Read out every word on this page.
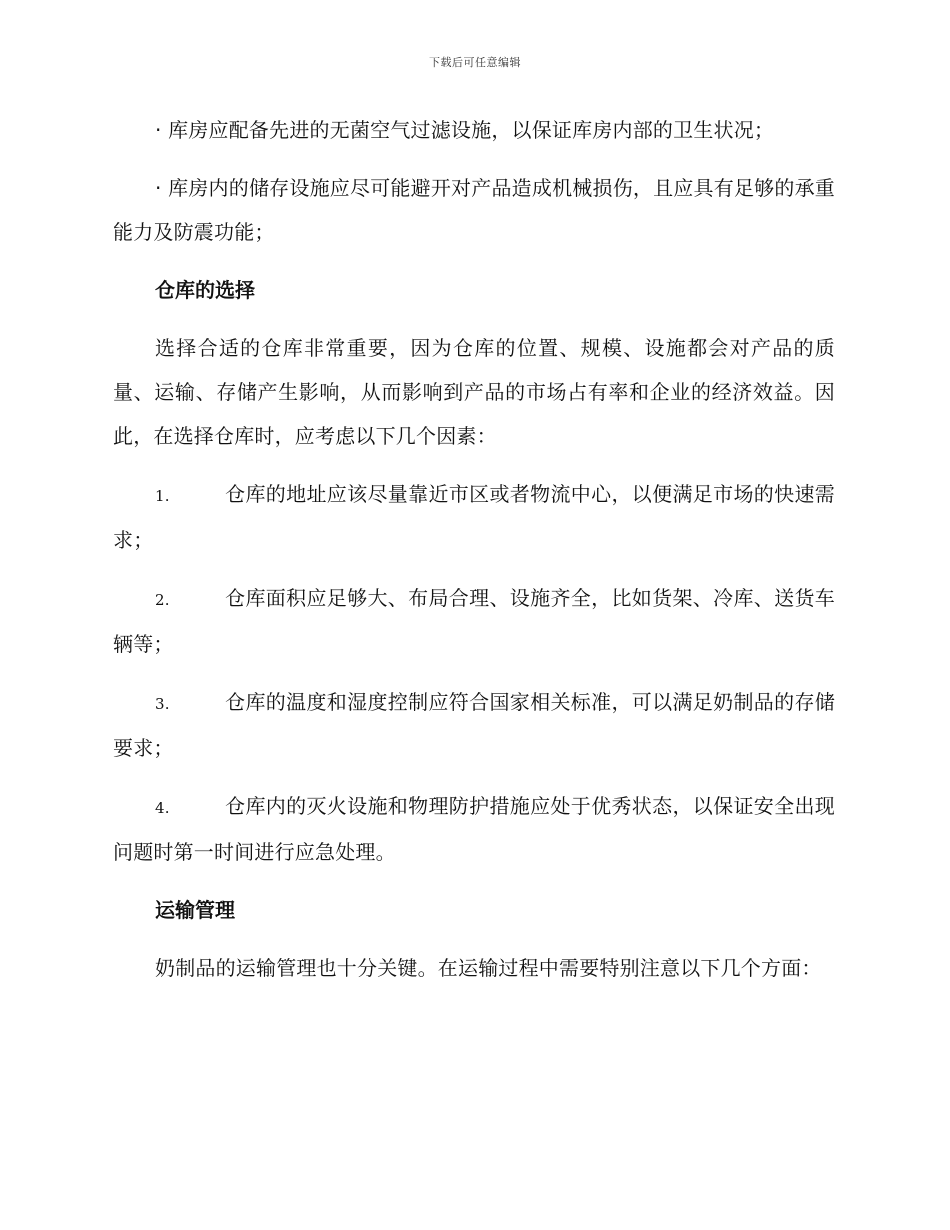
下载后可任意编辑

· 库房应配备先进的无菌空气过滤设施，以保证库房内部的卫生状况；

· 库房内的储存设施应尽可能避开对产品造成机械损伤，且应具有足够的承重能力及防震功能；

仓库的选择

选择合适的仓库非常重要，因为仓库的位置、规模、设施都会对产品的质量、运输、存储产生影响，从而影响到产品的市场占有率和企业的经济效益。因此，在选择仓库时，应考虑以下几个因素：

1.	仓库的地址应该尽量靠近市区或者物流中心，以便满足市场的快速需求；

2.	仓库面积应足够大、布局合理、设施齐全，比如货架、冷库、送货车辆等；

3.	仓库的温度和湿度控制应符合国家相关标准，可以满足奶制品的存储要求；

4.	仓库内的灭火设施和物理防护措施应处于优秀状态，以保证安全出现问题时第一时间进行应急处理。

运输管理

奶制品的运输管理也十分关键。在运输过程中需要特别注意以下几个方面：
